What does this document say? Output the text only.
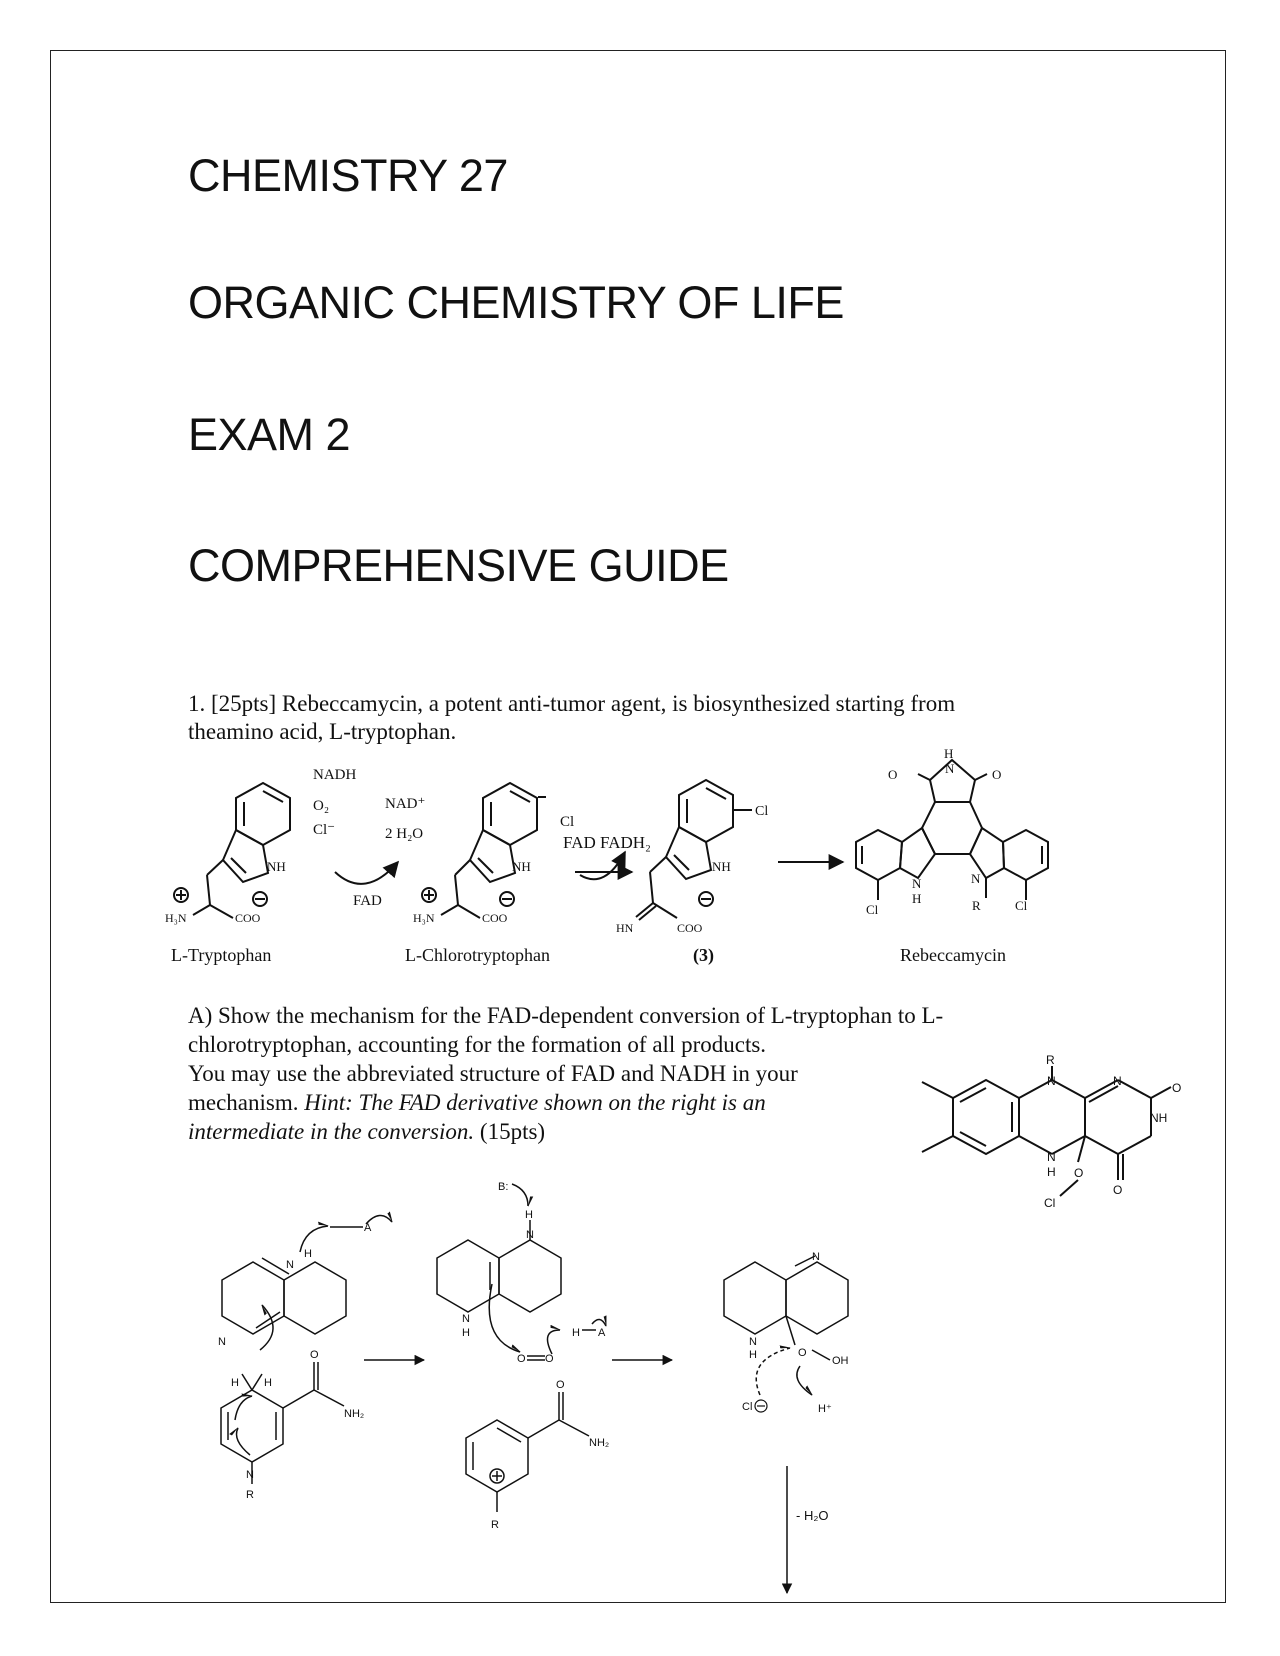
CHEMISTRY 27
ORGANIC CHEMISTRY OF LIFE
EXAM 2
COMPREHENSIVE GUIDE
1. [25pts] Rebeccamycin, a potent anti-tumor agent, is biosynthesized starting from
theamino acid, L-tryptophan.
NH
H₃N	COO
NADH
O₂
Cl⁻
NAD⁺
2 H₂O
FAD
NH
H₃N	COO
Cl
FAD FADH₂
NH
Cl
HN	COO
H
N
O	O
N
H
N
R
Cl	Cl
L-Tryptophan	L-Chlorotryptophan	(3)	Rebeccamycin
A) Show the mechanism for the FAD-dependent conversion of L-tryptophan to L-
chlorotryptophan, accounting for the formation of all products.
You may use the abbreviated structure of FAD and NADH in your
mechanism. Hint: The FAD derivative shown on the right is an
intermediate in the conversion. (15pts)
R
N	N	O
NH
N
H
O
O
Cl
H
A
N
N
H H
O
NH₂
N
R
B:
H
N
N
H
O O
H A
O
NH₂
R
N
N
H	O
OH
Cl	H⁺
- H₂O
